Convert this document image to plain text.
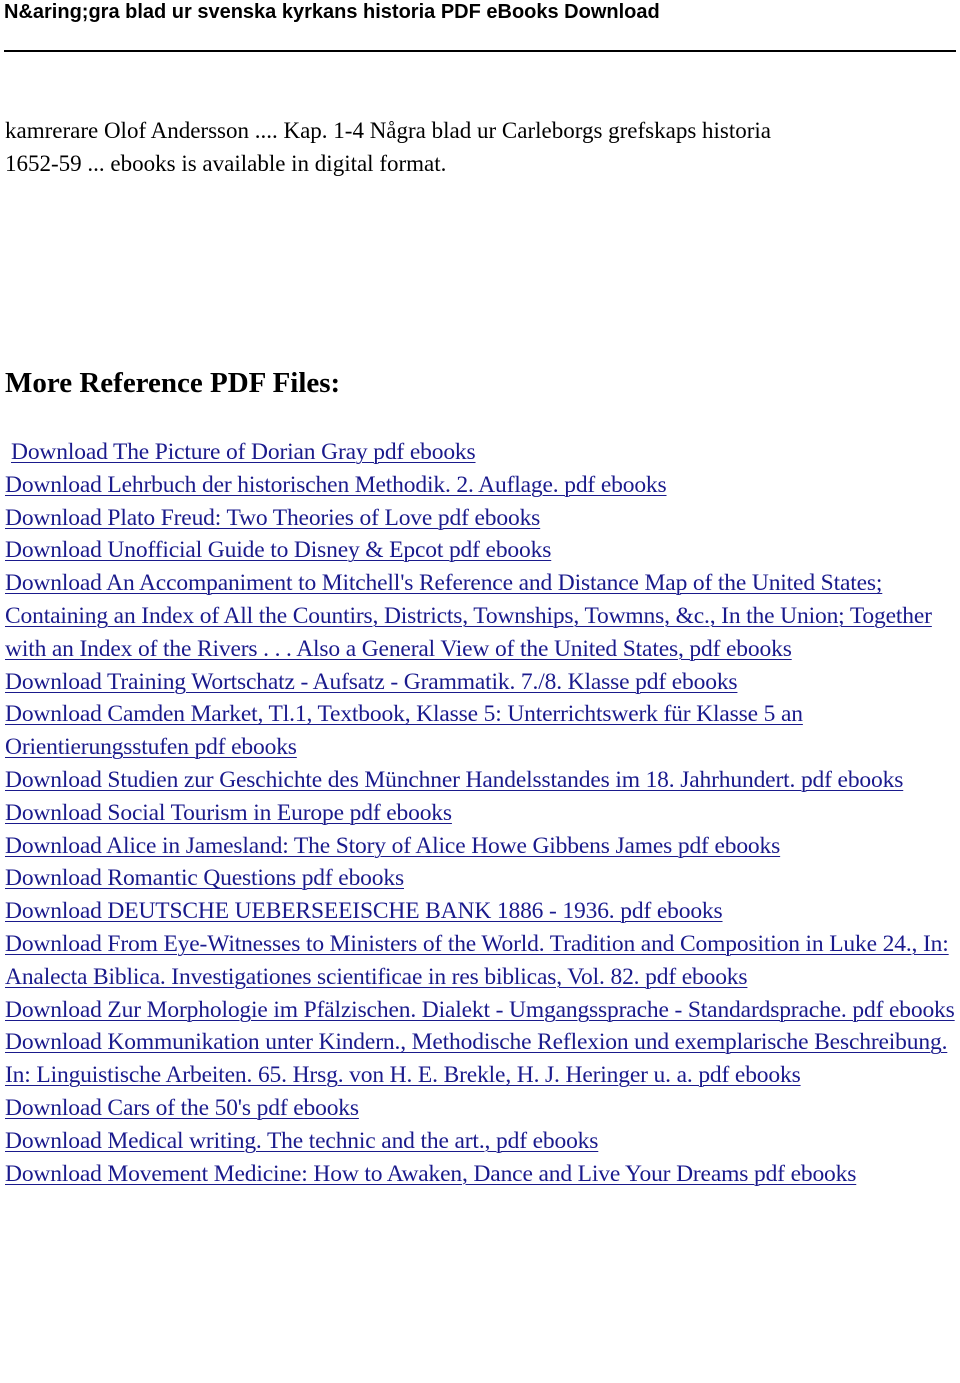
N&aring;gra blad ur svenska kyrkans historia PDF eBooks Download

kamrerare Olof Andersson .... Kap. 1-4 Några blad ur Carleborgs grefskaps historia

1652-59 ... ebooks is available in digital format.

More Reference PDF Files:
Download The Picture of Dorian Gray pdf ebooks
Download Lehrbuch der historischen Methodik. 2. Auflage. pdf ebooks
Download Plato Freud: Two Theories of Love pdf ebooks
Download Unofficial Guide to Disney & Epcot pdf ebooks
Download An Accompaniment to Mitchell's Reference and Distance Map of the United States; Containing an Index of All the Countirs, Districts, Townships, Towmns, &c., In the Union; Together with an Index of the Rivers . . . Also a General View of the United States, pdf ebooks
Download Training Wortschatz - Aufsatz - Grammatik. 7./8. Klasse pdf ebooks
Download Camden Market, Tl.1, Textbook, Klasse 5: Unterrichtswerk für Klasse 5 an Orientierungsstufen pdf ebooks
Download Studien zur Geschichte des Münchner Handelsstandes im 18. Jahrhundert. pdf ebooks
Download Social Tourism in Europe pdf ebooks
Download Alice in Jamesland: The Story of Alice Howe Gibbens James pdf ebooks
Download Romantic Questions pdf ebooks
Download DEUTSCHE UEBERSEEISCHE BANK 1886 - 1936. pdf ebooks
Download From Eye-Witnesses to Ministers of the World. Tradition and Composition in Luke 24., In: Analecta Biblica. Investigationes scientificae in res biblicas, Vol. 82. pdf ebooks
Download Zur Morphologie im Pfälzischen. Dialekt - Umgangssprache - Standardsprache. pdf ebooks
Download Kommunikation unter Kindern., Methodische Reflexion und exemplarische Beschreibung. In: Linguistische Arbeiten. 65. Hrsg. von H. E. Brekle, H. J. Heringer u. a. pdf ebooks
Download Cars of the 50's pdf ebooks
Download Medical writing. The technic and the art., pdf ebooks
Download Movement Medicine: How to Awaken, Dance and Live Your Dreams pdf ebooks
